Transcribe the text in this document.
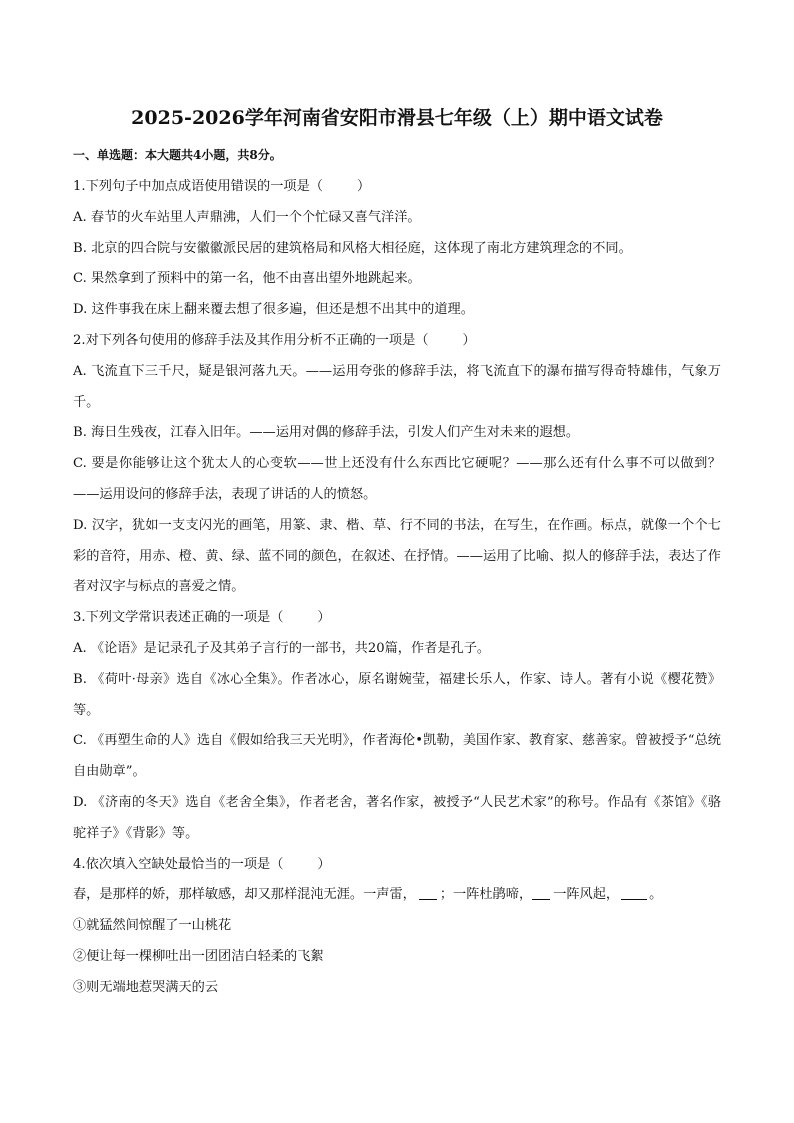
2025-2026学年河南省安阳市滑县七年级（上）期中语文试卷
一、单选题：本大题共4小题，共8分。

1.下列句子中加点成语使用错误的一项是（	）

A. 春节的火车站里人声鼎沸，人们一个个忙碌又喜气洋洋。

B. 北京的四合院与安徽徽派民居的建筑格局和风格大相径庭，这体现了南北方建筑理念的不同。

C. 果然拿到了预料中的第一名，他不由喜出望外地跳起来。

D. 这件事我在床上翻来覆去想了很多遍，但还是想不出其中的道理。

2.对下列各句使用的修辞手法及其作用分析不正确的一项是（	）

A. 飞流直下三千尺，疑是银河落九天。——运用夸张的修辞手法，将飞流直下的瀑布描写得奇特雄伟，气象万千。

B. 海日生残夜，江春入旧年。——运用对偶的修辞手法，引发人们产生对未来的遐想。

C. 要是你能够让这个犹太人的心变软——世上还没有什么东西比它硬呢？——那么还有什么事不可以做到？——运用设问的修辞手法，表现了讲话的人的愤怒。

D. 汉字，犹如一支支闪光的画笔，用篆、隶、楷、草、行不同的书法，在写生，在作画。标点，就像一个个七彩的音符，用赤、橙、黄、绿、蓝不同的颜色，在叙述、在抒情。——运用了比喻、拟人的修辞手法，表达了作者对汉字与标点的喜爱之情。

3.下列文学常识表述正确的一项是（	）

A. 《论语》是记录孔子及其弟子言行的一部书，共20篇，作者是孔子。

B. 《荷叶·母亲》选自《冰心全集》。作者冰心，原名谢婉莹，福建长乐人，作家、诗人。著有小说《樱花赞》等。

C. 《再塑生命的人》选自《假如给我三天光明》，作者海伦•凯勒，美国作家、教育家、慈善家。曾被授予“总统自由勋章”。

D. 《济南的冬天》选自《老舍全集》，作者老舍，著名作家，被授予“人民艺术家”的称号。作品有《茶馆》《骆驼祥子》《背影》等。

4.依次填入空缺处最恰当的一项是（	）

春，是那样的娇，那样敏感，却又那样混沌无涯。一声雷， ；一阵杜鹃啼， 一阵风起， 。

①就猛然间惊醒了一山桃花

②便让每一棵柳吐出一团团洁白轻柔的飞絮

③则无端地惹哭满天的云
